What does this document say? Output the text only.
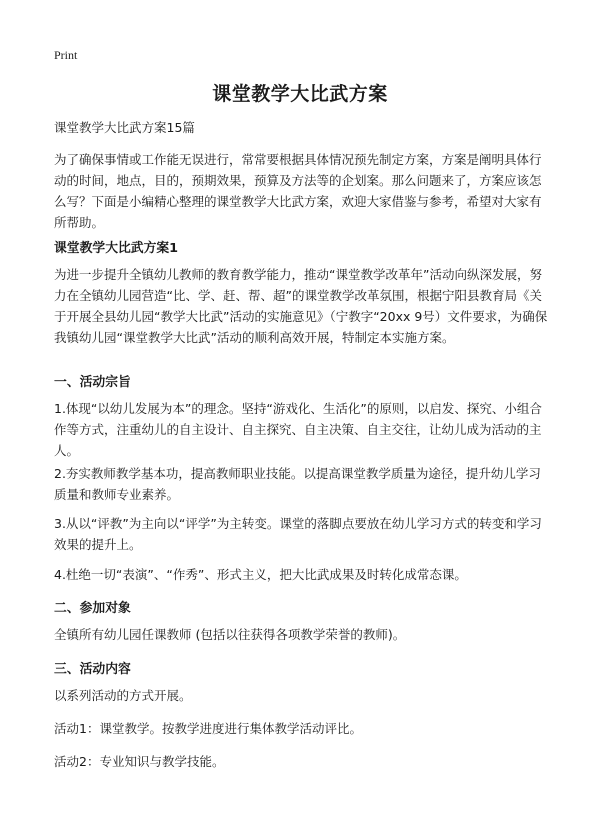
Print
课堂教学大比武方案
课堂教学大比武方案15篇

为了确保事情或工作能无误进行，常常要根据具体情况预先制定方案，方案是阐明具体行动的时间，地点，目的，预期效果，预算及方法等的企划案。那么问题来了，方案应该怎么写？下面是小编精心整理的课堂教学大比武方案，欢迎大家借鉴与参考，希望对大家有所帮助。

课堂教学大比武方案1

为进一步提升全镇幼儿教师的教育教学能力，推动“课堂教学改革年”活动向纵深发展，努力在全镇幼儿园营造“比、学、赶、帮、超”的课堂教学改革氛围，根据宁阳县教育局《关于开展全县幼儿园“教学大比武”活动的实施意见》（宁教字“20xx 9号）文件要求，为确保我镇幼儿园“课堂教学大比武”活动的顺利高效开展，特制定本实施方案。

一、活动宗旨

1.体现“以幼儿发展为本”的理念。坚持“游戏化、生活化”的原则，以启发、探究、小组合作等方式，注重幼儿的自主设计、自主探究、自主决策、自主交往，让幼儿成为活动的主人。

2.夯实教师教学基本功，提高教师职业技能。以提高课堂教学质量为途径，提升幼儿学习质量和教师专业素养。

3.从以“评教”为主向以“评学”为主转变。课堂的落脚点要放在幼儿学习方式的转变和学习效果的提升上。

4.杜绝一切“表演”、“作秀”、形式主义，把大比武成果及时转化成常态课。

二、参加对象

全镇所有幼儿园任课教师 (包括以往获得各项教学荣誉的教师)。

三、活动内容

以系列活动的方式开展。

活动1：课堂教学。按教学进度进行集体教学活动评比。

活动2：专业知识与教学技能。
